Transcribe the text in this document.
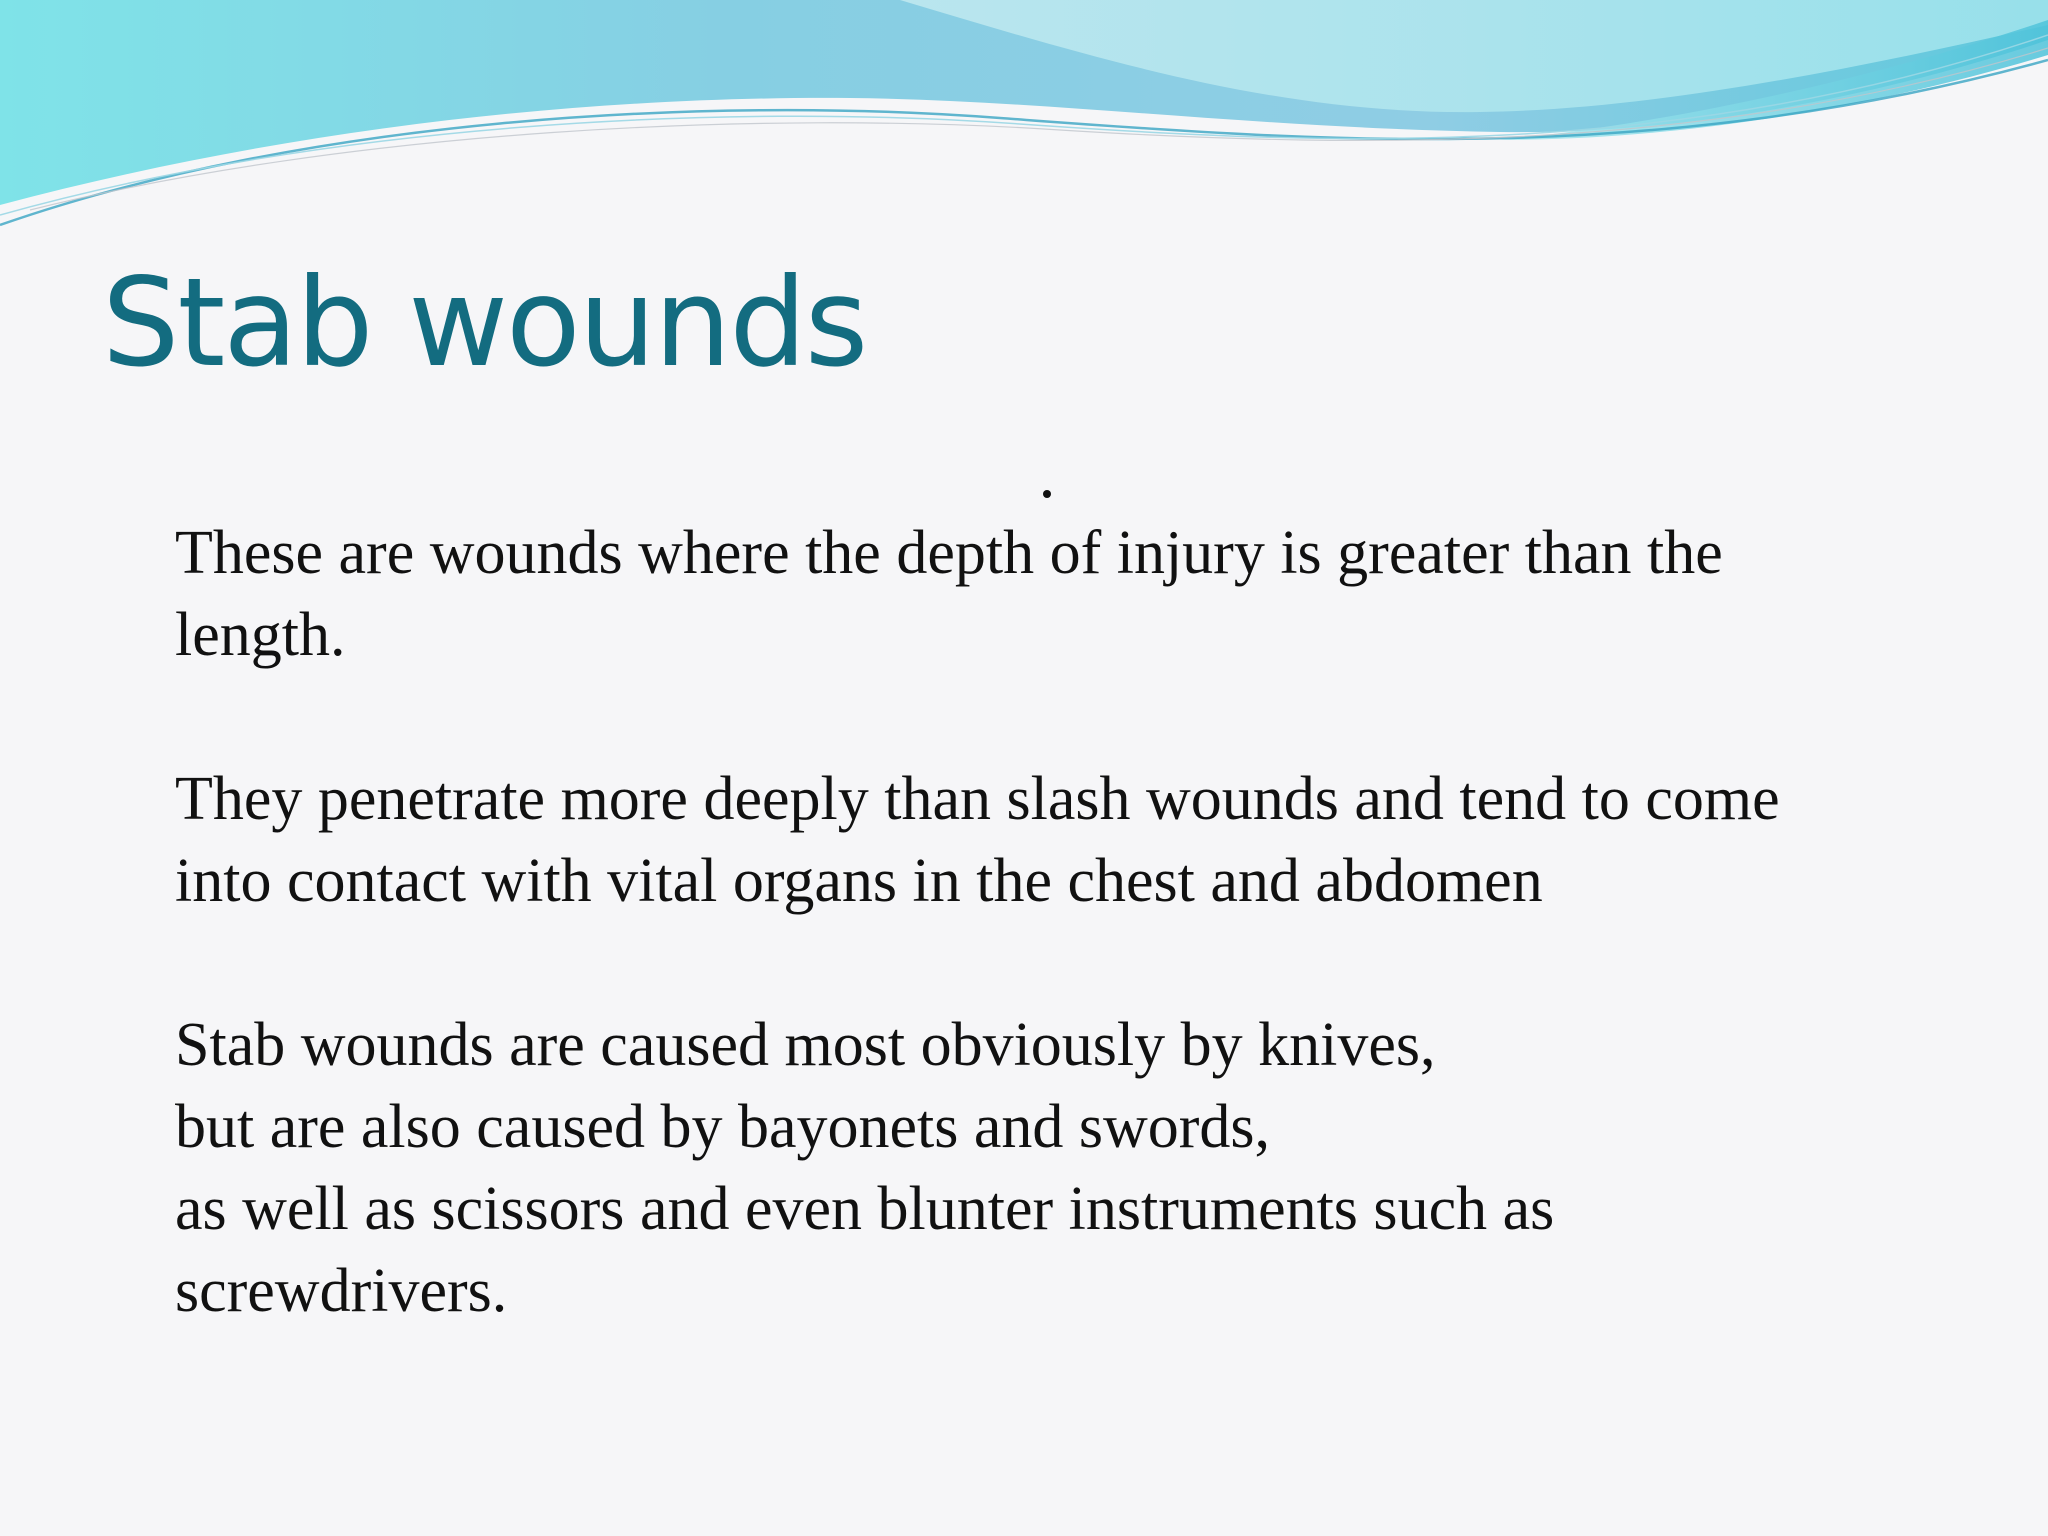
Stab wounds

These are wounds where the depth of injury is greater than the
length.

They penetrate more deeply than slash wounds and tend to come
into contact with vital organs in the chest and abdomen

Stab wounds are caused most obviously by knives,
but are also caused by bayonets and swords,
as well as scissors and even blunter instruments such as
screwdrivers.
